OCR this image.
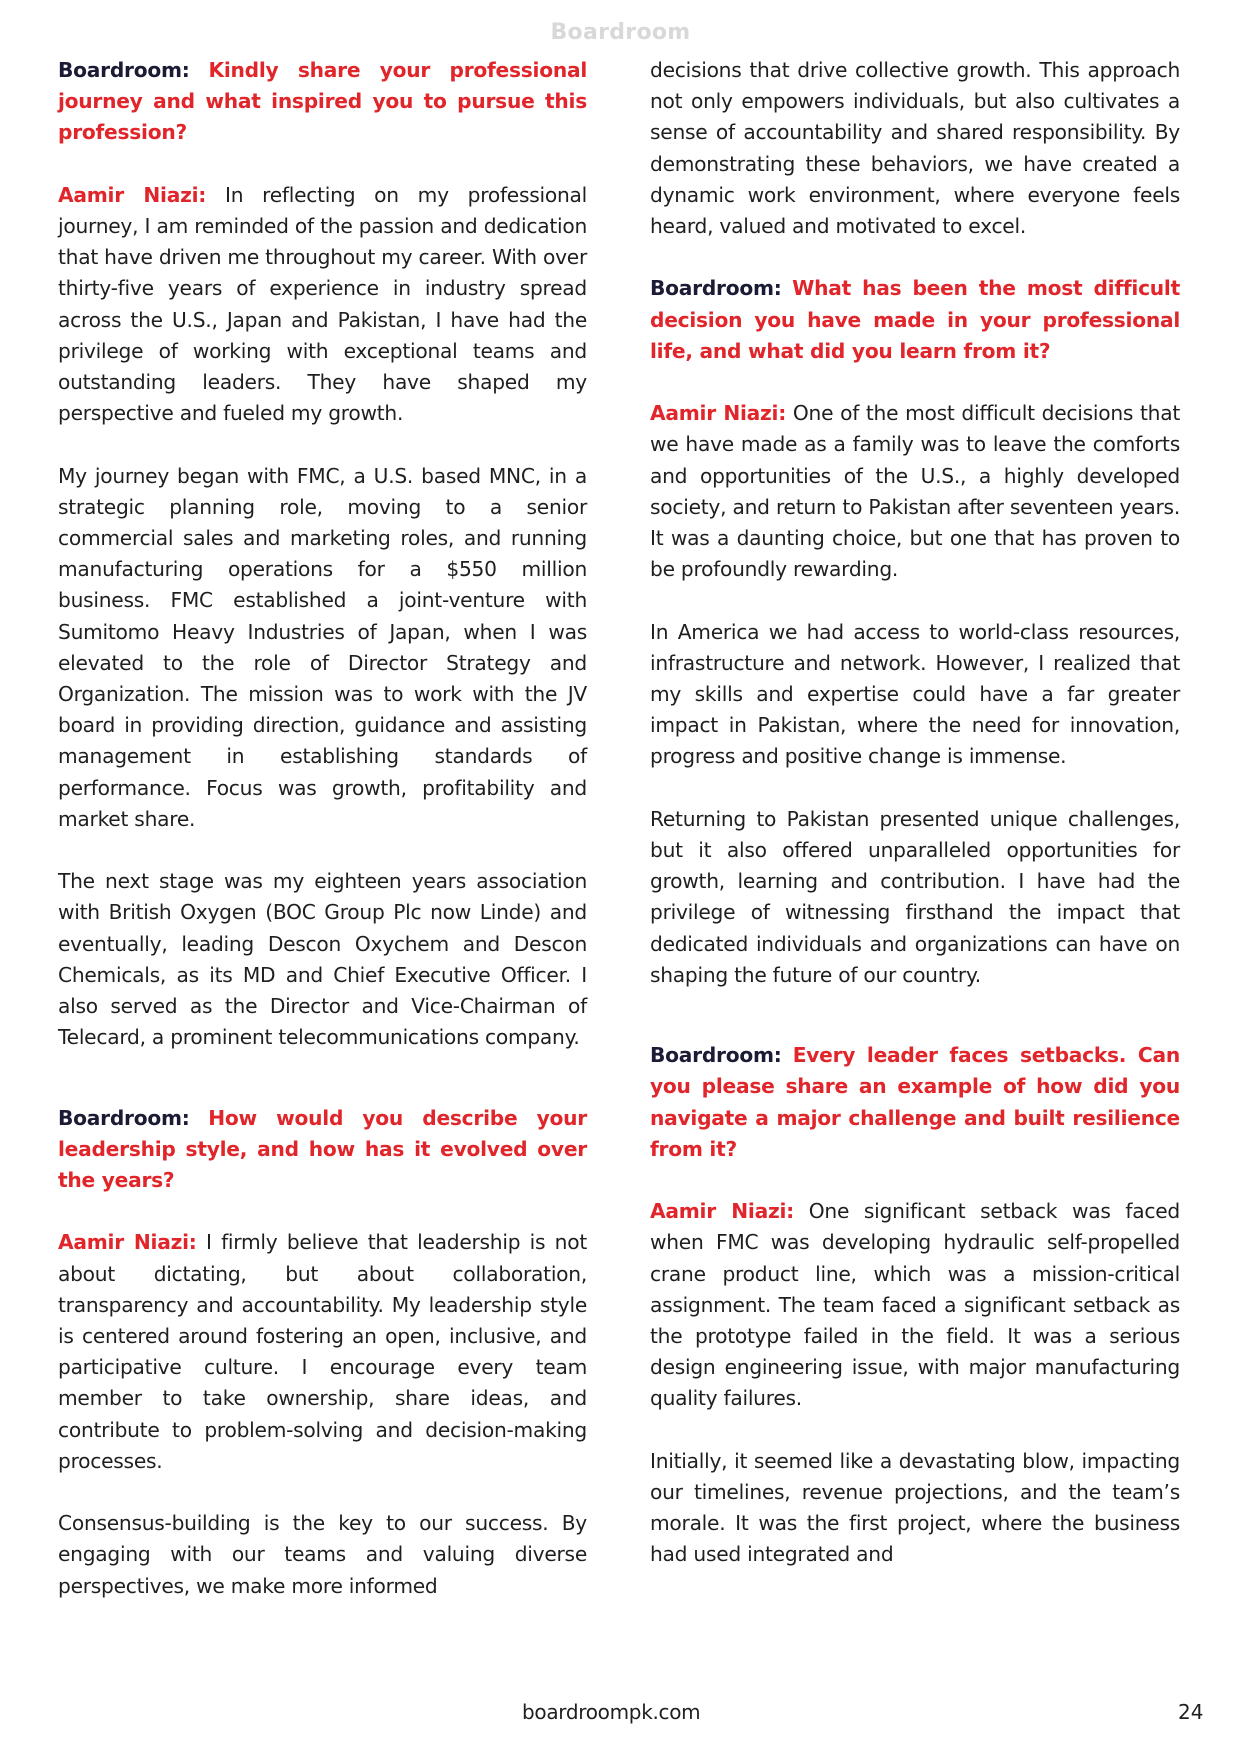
Boardroom

Boardroom: Kindly share your professional journey and what inspired you to pursue this profession?

Aamir Niazi: In reflecting on my professional journey, I am reminded of the passion and dedication that have driven me throughout my career. With over thirty-five years of experience in industry spread across the U.S., Japan and Pakistan, I have had the privilege of working with exceptional teams and outstanding leaders. They have shaped my perspective and fueled my growth.

My journey began with FMC, a U.S. based MNC, in a strategic planning role, moving to a senior commercial sales and marketing roles, and running manufacturing operations for a $550 million business. FMC established a joint-venture with Sumitomo Heavy Industries of Japan, when I was elevated to the role of Director Strategy and Organization. The mission was to work with the JV board in providing direction, guidance and assisting management in establishing standards of performance. Focus was growth, profitability and market share.

The next stage was my eighteen years association with British Oxygen (BOC Group Plc now Linde) and eventually, leading Descon Oxychem and Descon Chemicals, as its MD and Chief Executive Officer. I also served as the Director and Vice-Chairman of Telecard, a prominent telecommunications company.

Boardroom: How would you describe your leadership style, and how has it evolved over the years?

Aamir Niazi: I firmly believe that leadership is not about dictating, but about collaboration, transparency and accountability. My leadership style is centered around fostering an open, inclusive, and participative culture. I encourage every team member to take ownership, share ideas, and contribute to problem-solving and decision-making processes.

Consensus-building is the key to our success. By engaging with our teams and valuing diverse perspectives, we make more informed

decisions that drive collective growth. This approach not only empowers individuals, but also cultivates a sense of accountability and shared responsibility. By demonstrating these behaviors, we have created a dynamic work environment, where everyone feels heard, valued and motivated to excel.

Boardroom: What has been the most difficult decision you have made in your professional life, and what did you learn from it?

Aamir Niazi: One of the most difficult decisions that we have made as a family was to leave the comforts and opportunities of the U.S., a highly developed society, and return to Pakistan after seventeen years. It was a daunting choice, but one that has proven to be profoundly rewarding.

In America we had access to world-class resources, infrastructure and network. However, I realized that my skills and expertise could have a far greater impact in Pakistan, where the need for innovation, progress and positive change is immense.

Returning to Pakistan presented unique challenges, but it also offered unparalleled opportunities for growth, learning and contribution. I have had the privilege of witnessing firsthand the impact that dedicated individuals and organizations can have on shaping the future of our country.

Boardroom: Every leader faces setbacks. Can you please share an example of how did you navigate a major challenge and built resilience from it?

Aamir Niazi: One significant setback was faced when FMC was developing hydraulic self-propelled crane product line, which was a mission-critical assignment. The team faced a significant setback as the prototype failed in the field. It was a serious design engineering issue, with major manufacturing quality failures.

Initially, it seemed like a devastating blow, impacting our timelines, revenue projections, and the team’s morale. It was the first project, where the business had used integrated and

boardroompk.com	24
